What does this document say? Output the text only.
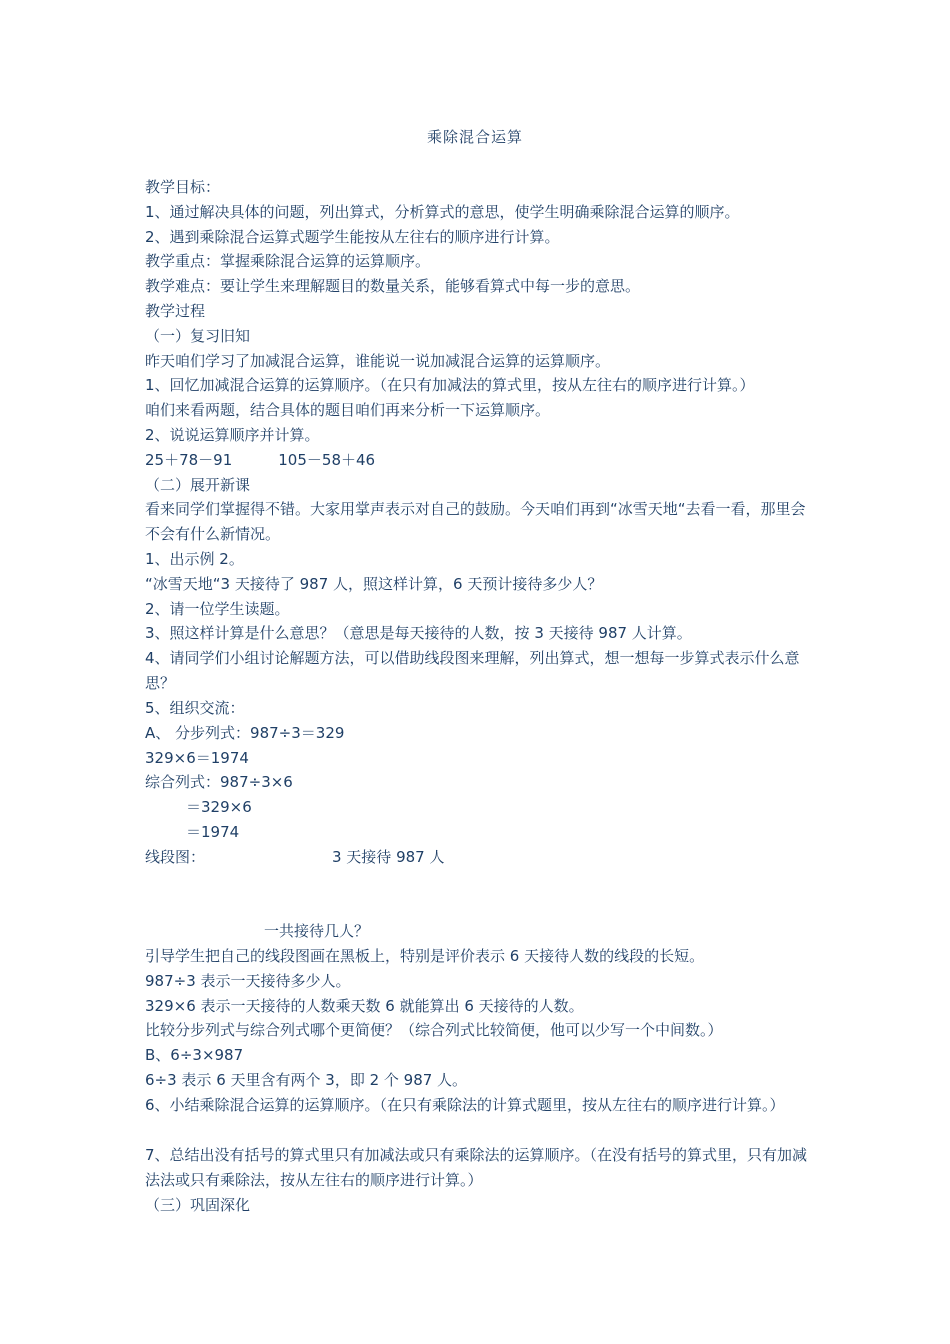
乘除混合运算
教学目标：
1、通过解决具体的问题，列出算式，分析算式的意思，使学生明确乘除混合运算的顺序。
2、遇到乘除混合运算式题学生能按从左往右的顺序进行计算。
教学重点：掌握乘除混合运算的运算顺序。
教学难点：要让学生来理解题目的数量关系，能够看算式中每一步的意思。
教学过程
（一）复习旧知
昨天咱们学习了加减混合运算，谁能说一说加减混合运算的运算顺序。
1、回忆加减混合运算的运算顺序。（在只有加减法的算式里，按从左往右的顺序进行计算。）
咱们来看两题，结合具体的题目咱们再来分析一下运算顺序。
2、说说运算顺序并计算。
25＋78－91	105－58＋46
（二）展开新课
看来同学们掌握得不错。大家用掌声表示对自己的鼓励。今天咱们再到“冰雪天地“去看一看，那里会不会有什么新情况。
1、出示例 2。
“冰雪天地“3 天接待了 987 人，照这样计算，6 天预计接待多少人？
2、请一位学生读题。
3、照这样计算是什么意思？（意思是每天接待的人数，按 3 天接待 987 人计算。
4、请同学们小组讨论解题方法，可以借助线段图来理解，列出算式，想一想每一步算式表示什么意思？
5、组织交流：
A、 分步列式：987÷3＝329
329×6＝1974
综合列式：987÷3×6
＝329×6
＝1974
线段图：	3 天接待 987 人
一共接待几人？
引导学生把自己的线段图画在黑板上，特别是评价表示 6 天接待人数的线段的长短。
987÷3 表示一天接待多少人。
329×6 表示一天接待的人数乘天数 6 就能算出 6 天接待的人数。
比较分步列式与综合列式哪个更简便？（综合列式比较简便，他可以少写一个中间数。）
B、6÷3×987
6÷3 表示 6 天里含有两个 3，即 2 个 987 人。
6、小结乘除混合运算的运算顺序。（在只有乘除法的计算式题里，按从左往右的顺序进行计算。）
7、总结出没有括号的算式里只有加减法或只有乘除法的运算顺序。（在没有括号的算式里，只有加减法法或只有乘除法，按从左往右的顺序进行计算。）
（三）巩固深化
